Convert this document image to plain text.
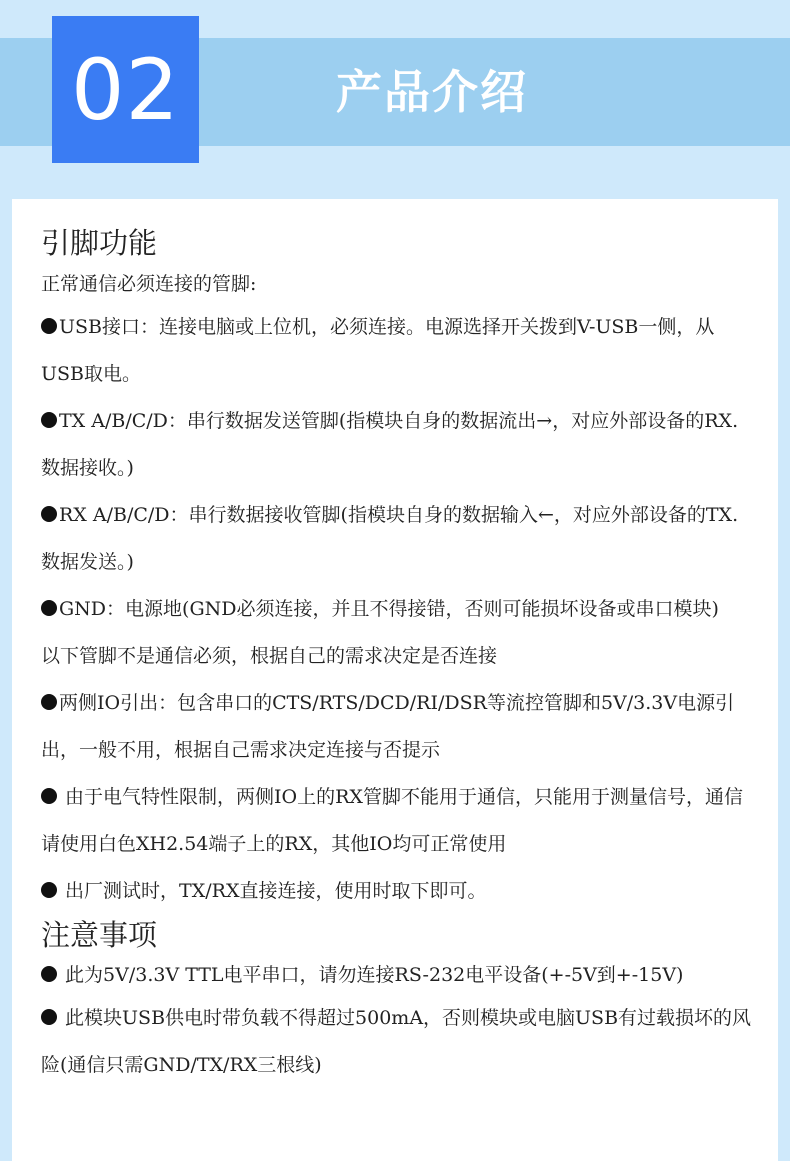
02	产品介绍
引脚功能

正常通信必须连接的管脚:

USB接口：连接电脑或上位机，必须连接。电源选择开关拨到V-USB一侧，从USB取电。

TX A/B/C/D：串行数据发送管脚(指模块自身的数据流出→，对应外部设备的RX.数据接收。)

RX A/B/C/D：串行数据接收管脚(指模块自身的数据输入←，对应外部设备的TX.数据发送。)

GND：电源地(GND必须连接，并且不得接错，否则可能损坏设备或串口模块)

以下管脚不是通信必须，根据自己的需求决定是否连接

两侧IO引出：包含串口的CTS/RTS/DCD/RI/DSR等流控管脚和5V/3.3V电源引出，一般不用，根据自己需求决定连接与否提示

由于电气特性限制，两侧IO上的RX管脚不能用于通信，只能用于测量信号，通信请使用白色XH2.54端子上的RX，其他IO均可正常使用

出厂测试时，TX/RX直接连接，使用时取下即可。

注意事项

此为5V/3.3V TTL电平串口，请勿连接RS-232电平设备(+-5V到+-15V)

此模块USB供电时带负载不得超过500mA，否则模块或电脑USB有过载损坏的风险(通信只需GND/TX/RX三根线)
